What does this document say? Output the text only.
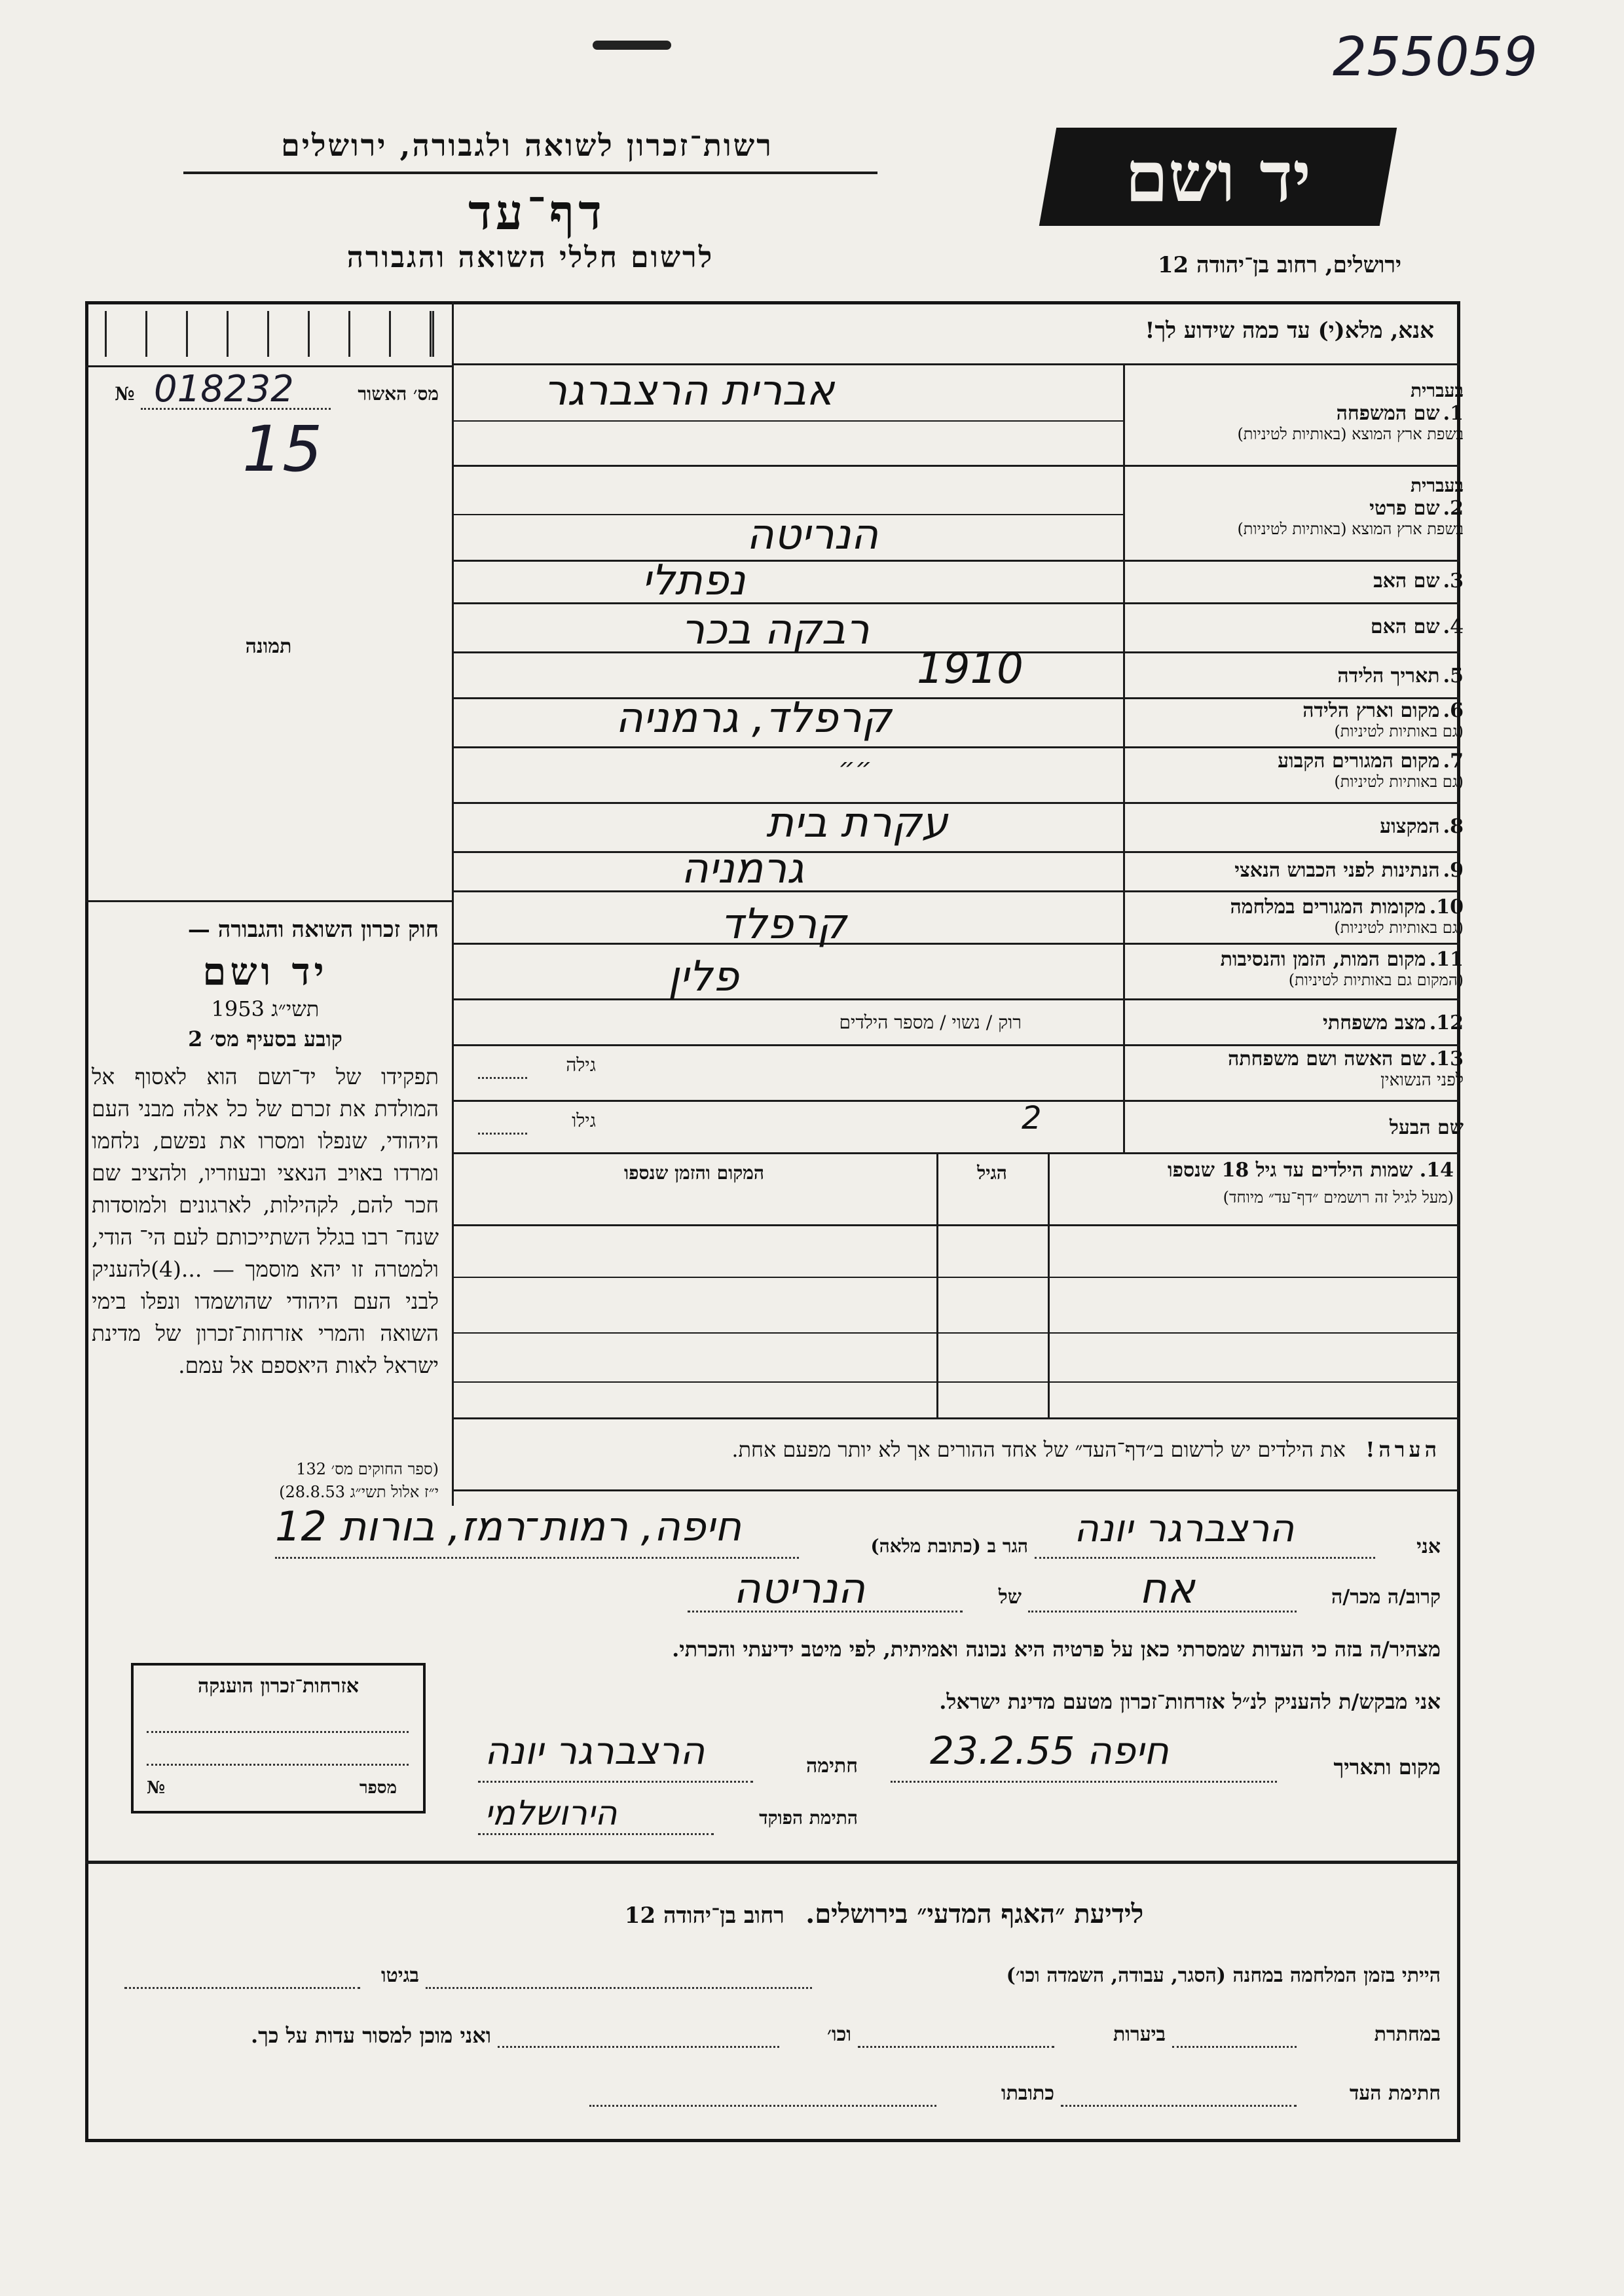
255059
רשות־זכרון לשואה ולגבורה, ירושלים
דף־עד
לרשום חללי השואה והגבורה
יד ושם
ירושלים, רחוב בן־יהודה 12
אנא, מלא(י) עד כמה שידוע לך!
מס׳ האשור
№ 018232
15
תמונה
חוק זכרון השואה והגבורה —
יד ושם
תשי״ג 1953
קובע בסעיף מס׳ 2
תפקידו של יד־ושם הוא לאסוף אל המולדת את זכרם של כל אלה מבני העם היהודי, שנפלו ומסרו את נפשם, נלחמו ומרדו באויב הנאצי ובעוזריו, ולהציב שם חכר להם, לקהילות, לארגונים ולמוסדות שנח־ רבו בגלל השתייכותם לעם הי־ הודי, ולמטרה זו יהא מוסמך — ...(4)להעניק לבני העם היהודי שהושמדו ונפלו בימי השואה והמרי אזרחות־זכרון של מדינת ישראל לאות היאספם אל עמם.
(ספר החוקים מס׳ 132
י״ז אלול תשי״ג 28.8.53)
בעברית
1. שם המשפחה
בשפת ארץ המוצא (באותיות לטיניות)
בעברית
2. שם פרטי
בשפת ארץ המוצא (באותיות לטיניות)
3. שם האב
4. שם האם
5. תאריך הלידה
6. מקום וארץ הלידה
(גם באותיות לטיניות)
7. מקום המגורים הקבוע
(גם באותיות לטיניות)
8. המקצוע
9. הנתינות לפני הכבוש הנאצי
10. מקומות המגורים במלחמה
(גם באותיות לטיניות)
11. מקום המות, הזמן והנסיבות
(המקום גם באותיות לטיניות)
12. מצב משפחתי
13. שם האשה ושם משפחתה
לפני הנשואין
שם הבעל
אברית הרצברגר
הנריטה
נפתלי
רבקה בכר
1910
קרפלד, גרמניה
״״
עקרת בית
גרמניה
קרפלד
פלין
רוק / נשוי / מספר הילדים
גילה
גילו	2
14. שמות הילדים עד גיל 18 שנספו
(מעל לגיל זה רושמים ״דף־עד״ מיוחד)
הגיל
המקום והזמן שנספו
הערה!   את הילדים יש לרשום ב״דף־העד״ של אחד ההורים אך לא יותר מפעם אחת.
אני
הרצברגר יונה
הגר ב (כתובת מלאה)
חיפה, רמות־רמז, בורות 12
קרוב/ה מכר/ה
אח
של
הנריטה
מצהיר/ה בזה כי העדות שמסרתי כאן על פרטיה היא נכונה ואמיתית, לפי מיטב ידיעתי והכרתי.
אני מבקש/ת להעניק לנ״ל אזרחות־זכרון מטעם מדינת ישראל.
מקום ותאריך
חיפה 23.2.55
חתימה
הרצברגר יונה
התימת הפוקד
הירושלמי
אזרחות־זכרון הוענקה
מספר
№
לידיעת ״האגף המדעי״ בירושלים.   רחוב בן־יהודה 12
הייתי בזמן המלחמה במחנה (הסגר, עבודה, השמדה וכו׳)
בגיטו
במחתרת
ביערות
וכו׳
ואני מוכן למסור עדות על כך.
חתימת העד
כתובתו
